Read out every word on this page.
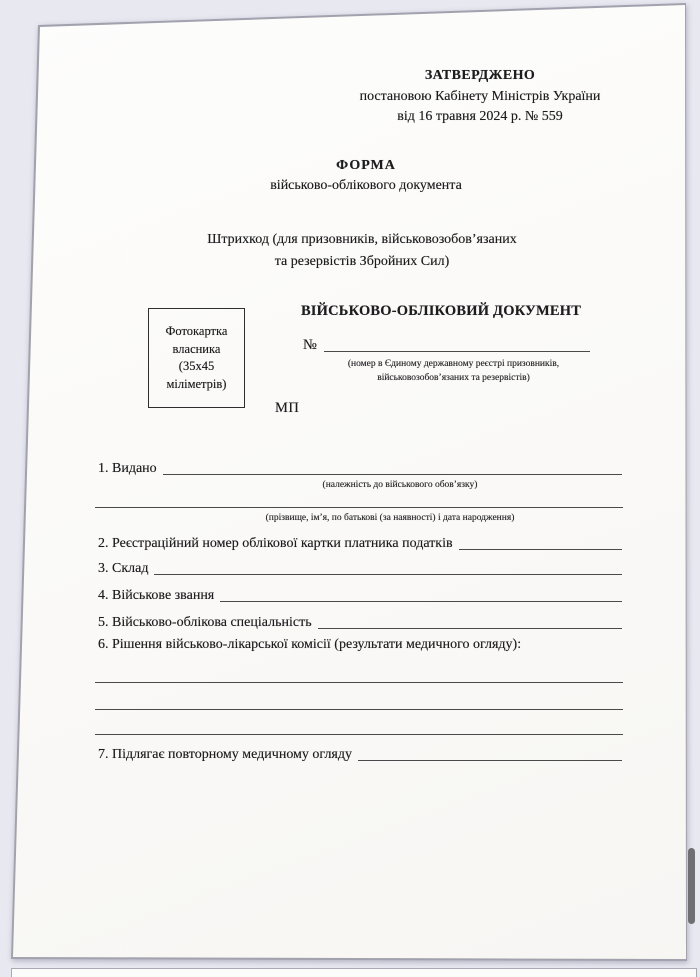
ЗАТВЕРДЖЕНО
постановою Кабінету Міністрів України
від 16 травня 2024 р. № 559
ФОРМА
військово-облікового документа
Штрихкод (для призовників, військовозобов’язаних
та резервістів Збройних Сил)
Фотокартка
власника
(35х45
міліметрів)
ВІЙСЬКОВО-ОБЛІКОВИЙ ДОКУМЕНТ
№
(номер в Єдиному державному реєстрі призовників,
військовозобов’язаних та резервістів)
МП
1. Видано
(належність до військового обов’язку)
(прізвище, ім’я, по батькові (за наявності) і дата народження)
2. Реєстраційний номер облікової картки платника податків
3. Склад
4. Військове звання
5. Військово-облікова спеціальність
6. Рішення військово-лікарської комісії (результати медичного огляду):
7. Підлягає повторному медичному огляду
